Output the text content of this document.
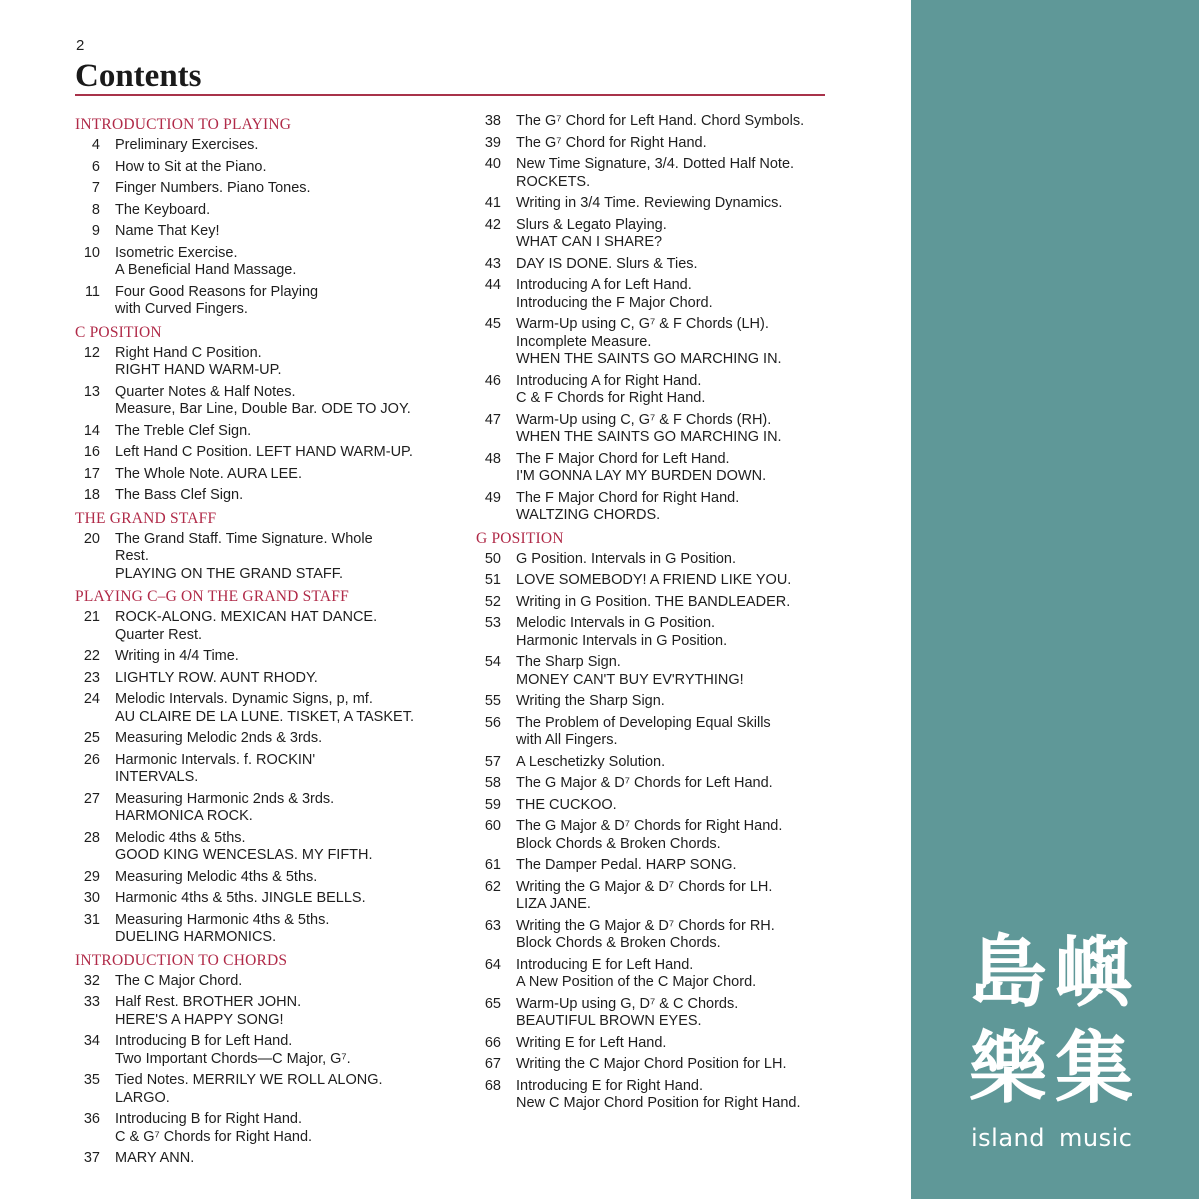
2
Contents
INTRODUCTION TO PLAYING
4 Preliminary Exercises.
6 How to Sit at the Piano.
7 Finger Numbers. Piano Tones.
8 The Keyboard.
9 Name That Key!
10 Isometric Exercise.
A Beneficial Hand Massage.
11 Four Good Reasons for Playing
with Curved Fingers.
C POSITION
12 Right Hand C Position.
RIGHT HAND WARM-UP.
13 Quarter Notes & Half Notes.
Measure, Bar Line, Double Bar. ODE TO JOY.
14 The Treble Clef Sign.
16 Left Hand C Position. LEFT HAND WARM-UP.
17 The Whole Note. AURA LEE.
18 The Bass Clef Sign.
THE GRAND STAFF
20 The Grand Staff. Time Signature. Whole
Rest.
PLAYING ON THE GRAND STAFF.
PLAYING C–G ON THE GRAND STAFF
21 ROCK-ALONG. MEXICAN HAT DANCE.
Quarter Rest.
22 Writing in 4/4 Time.
23 LIGHTLY ROW. AUNT RHODY.
24 Melodic Intervals. Dynamic Signs, p, mf.
AU CLAIRE DE LA LUNE. TISKET, A TASKET.
25 Measuring Melodic 2nds & 3rds.
26 Harmonic Intervals. f. ROCKIN'
INTERVALS.
27 Measuring Harmonic 2nds & 3rds.
HARMONICA ROCK.
28 Melodic 4ths & 5ths.
GOOD KING WENCESLAS. MY FIFTH.
29 Measuring Melodic 4ths & 5ths.
30 Harmonic 4ths & 5ths. JINGLE BELLS.
31 Measuring Harmonic 4ths & 5ths.
DUELING HARMONICS.
INTRODUCTION TO CHORDS
32 The C Major Chord.
33 Half Rest. BROTHER JOHN.
HERE'S A HAPPY SONG!
34 Introducing B for Left Hand.
Two Important Chords—C Major, G⁷.
35 Tied Notes. MERRILY WE ROLL ALONG.
LARGO.
36 Introducing B for Right Hand.
C & G⁷ Chords for Right Hand.
37 MARY ANN.
38 The G⁷ Chord for Left Hand. Chord Symbols.
39 The G⁷ Chord for Right Hand.
40 New Time Signature, 3/4. Dotted Half Note.
ROCKETS.
41 Writing in 3/4 Time. Reviewing Dynamics.
42 Slurs & Legato Playing.
WHAT CAN I SHARE?
43 DAY IS DONE. Slurs & Ties.
44 Introducing A for Left Hand.
Introducing the F Major Chord.
45 Warm-Up using C, G⁷ & F Chords (LH).
Incomplete Measure.
WHEN THE SAINTS GO MARCHING IN.
46 Introducing A for Right Hand.
C & F Chords for Right Hand.
47 Warm-Up using C, G⁷ & F Chords (RH).
WHEN THE SAINTS GO MARCHING IN.
48 The F Major Chord for Left Hand.
I'M GONNA LAY MY BURDEN DOWN.
49 The F Major Chord for Right Hand.
WALTZING CHORDS.
G POSITION
50 G Position. Intervals in G Position.
51 LOVE SOMEBODY! A FRIEND LIKE YOU.
52 Writing in G Position. THE BANDLEADER.
53 Melodic Intervals in G Position.
Harmonic Intervals in G Position.
54 The Sharp Sign.
MONEY CAN'T BUY EV'RYTHING!
55 Writing the Sharp Sign.
56 The Problem of Developing Equal Skills
with All Fingers.
57 A Leschetizky Solution.
58 The G Major & D⁷ Chords for Left Hand.
59 THE CUCKOO.
60 The G Major & D⁷ Chords for Right Hand.
Block Chords & Broken Chords.
61 The Damper Pedal. HARP SONG.
62 Writing the G Major & D⁷ Chords for LH.
LIZA JANE.
63 Writing the G Major & D⁷ Chords for RH.
Block Chords & Broken Chords.
64 Introducing E for Left Hand.
A New Position of the C Major Chord.
65 Warm-Up using G, D⁷ & C Chords.
BEAUTIFUL BROWN EYES.
66 Writing E for Left Hand.
67 Writing the C Major Chord Position for LH.
68 Introducing E for Right Hand.
New C Major Chord Position for Right Hand.
島嶼
樂集
island music
